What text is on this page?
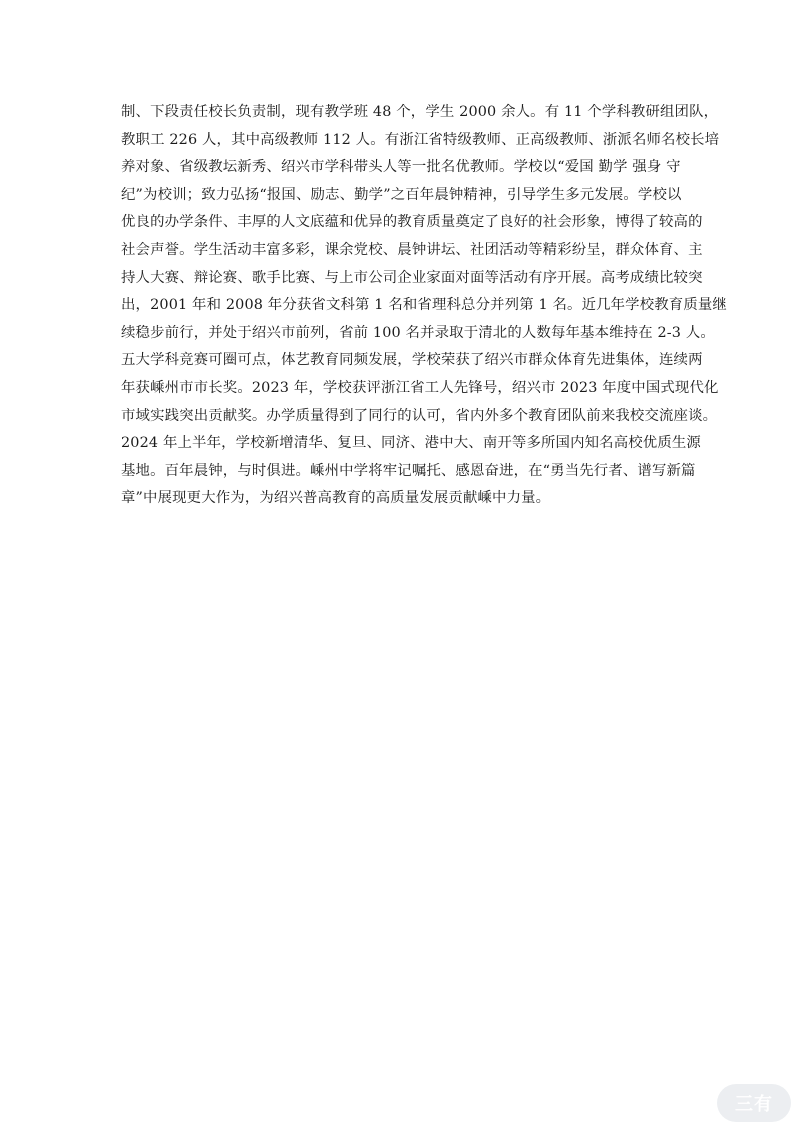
制、下段责任校长负责制，现有教学班 48 个，学生 2000 余人。有 11 个学科教研组团队，
教职工 226 人，其中高级教师 112 人。有浙江省特级教师、正高级教师、浙派名师名校长培
养对象、省级教坛新秀、绍兴市学科带头人等一批名优教师。学校以“爱国 勤学 强身 守
纪”为校训；致力弘扬“报国、励志、勤学”之百年晨钟精神，引导学生多元发展。学校以
优良的办学条件、丰厚的人文底蕴和优异的教育质量奠定了良好的社会形象，博得了较高的
社会声誉。学生活动丰富多彩，课余党校、晨钟讲坛、社团活动等精彩纷呈，群众体育、主
持人大赛、辩论赛、歌手比赛、与上市公司企业家面对面等活动有序开展。高考成绩比较突
出，2001 年和 2008 年分获省文科第 1 名和省理科总分并列第 1 名。近几年学校教育质量继
续稳步前行，并处于绍兴市前列，省前 100 名并录取于清北的人数每年基本维持在 2-3 人。
五大学科竞赛可圈可点，体艺教育同频发展，学校荣获了绍兴市群众体育先进集体，连续两
年获嵊州市市长奖。2023 年，学校获评浙江省工人先锋号，绍兴市 2023 年度中国式现代化
市域实践突出贡献奖。办学质量得到了同行的认可，省内外多个教育团队前来我校交流座谈。
2024 年上半年，学校新增清华、复旦、同济、港中大、南开等多所国内知名高校优质生源
基地。百年晨钟，与时俱进。嵊州中学将牢记嘱托、感恩奋进，在“勇当先行者、谱写新篇
章”中展现更大作为，为绍兴普高教育的高质量发展贡献嵊中力量。
三有
